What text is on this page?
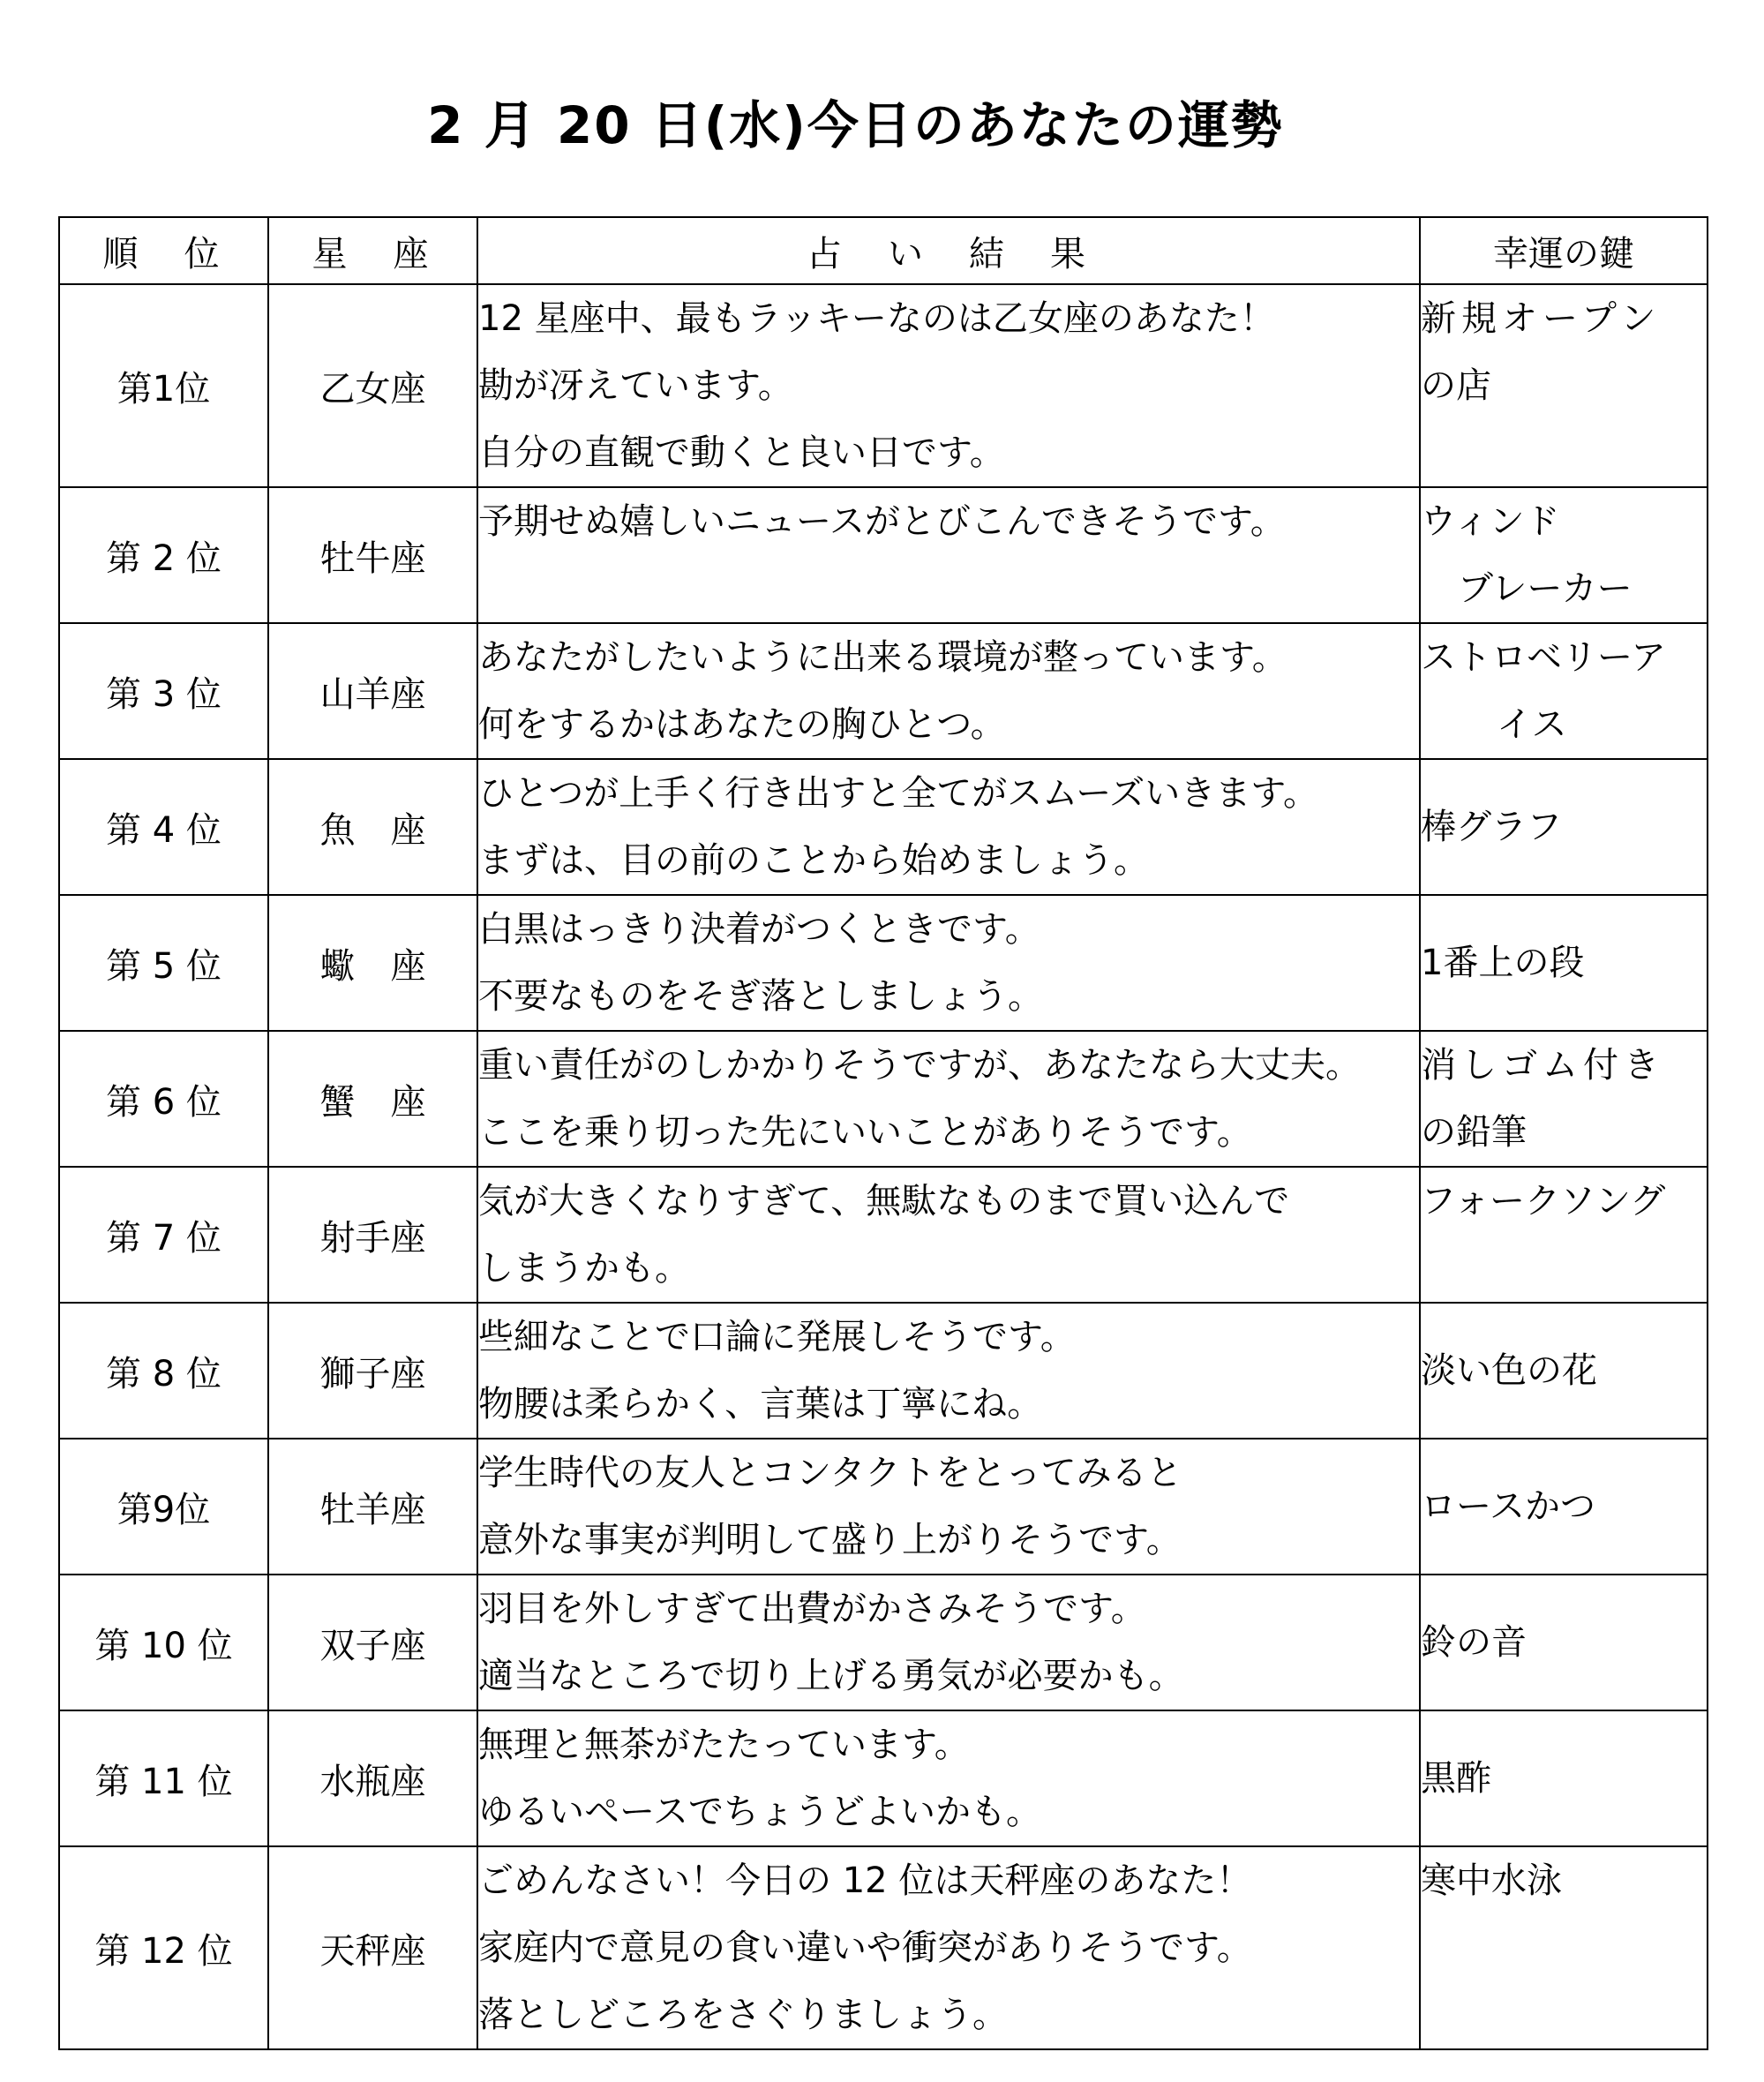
2 月 20 日(水)今日のあなたの運勢
順　位	星　座	占　い　結　果	幸運の鍵
第1位	乙女座	12 星座中、最もラッキーなのは乙女座のあなた！
勘が冴えています。
自分の直観で動くと良い日です。	新規オープン
の店

第 2 位	牡牛座	予期せぬ嬉しいニュースがとびこんできそうです。	ウィンド
ブレーカー

第 3 位	山羊座	あなたがしたいように出来る環境が整っています。
何をするかはあなたの胸ひとつ。	ストロベリーア
イス

第 4 位	魚　座	ひとつが上手く行き出すと全てがスムーズいきます。
まずは、目の前のことから始めましょう。	棒グラフ

第 5 位	蠍　座	白黒はっきり決着がつくときです。
不要なものをそぎ落としましょう。	1番上の段

第 6 位	蟹　座	重い責任がのしかかりそうですが、あなたなら大丈夫。
ここを乗り切った先にいいことがありそうです。	消しゴム付き
の鉛筆

第 7 位	射手座	気が大きくなりすぎて、無駄なものまで買い込んで
しまうかも。	フォークソング

第 8 位	獅子座	些細なことで口論に発展しそうです。
物腰は柔らかく、言葉は丁寧にね。	淡い色の花

第9位	牡羊座	学生時代の友人とコンタクトをとってみると
意外な事実が判明して盛り上がりそうです。	ロースかつ

第 10 位	双子座	羽目を外しすぎて出費がかさみそうです。
適当なところで切り上げる勇気が必要かも。	鈴の音

第 11 位	水瓶座	無理と無茶がたたっています。
ゆるいペースでちょうどよいかも。	黒酢

第 12 位	天秤座	ごめんなさい！今日の 12 位は天秤座のあなた！
家庭内で意見の食い違いや衝突がありそうです。
落としどころをさぐりましょう。	寒中水泳
